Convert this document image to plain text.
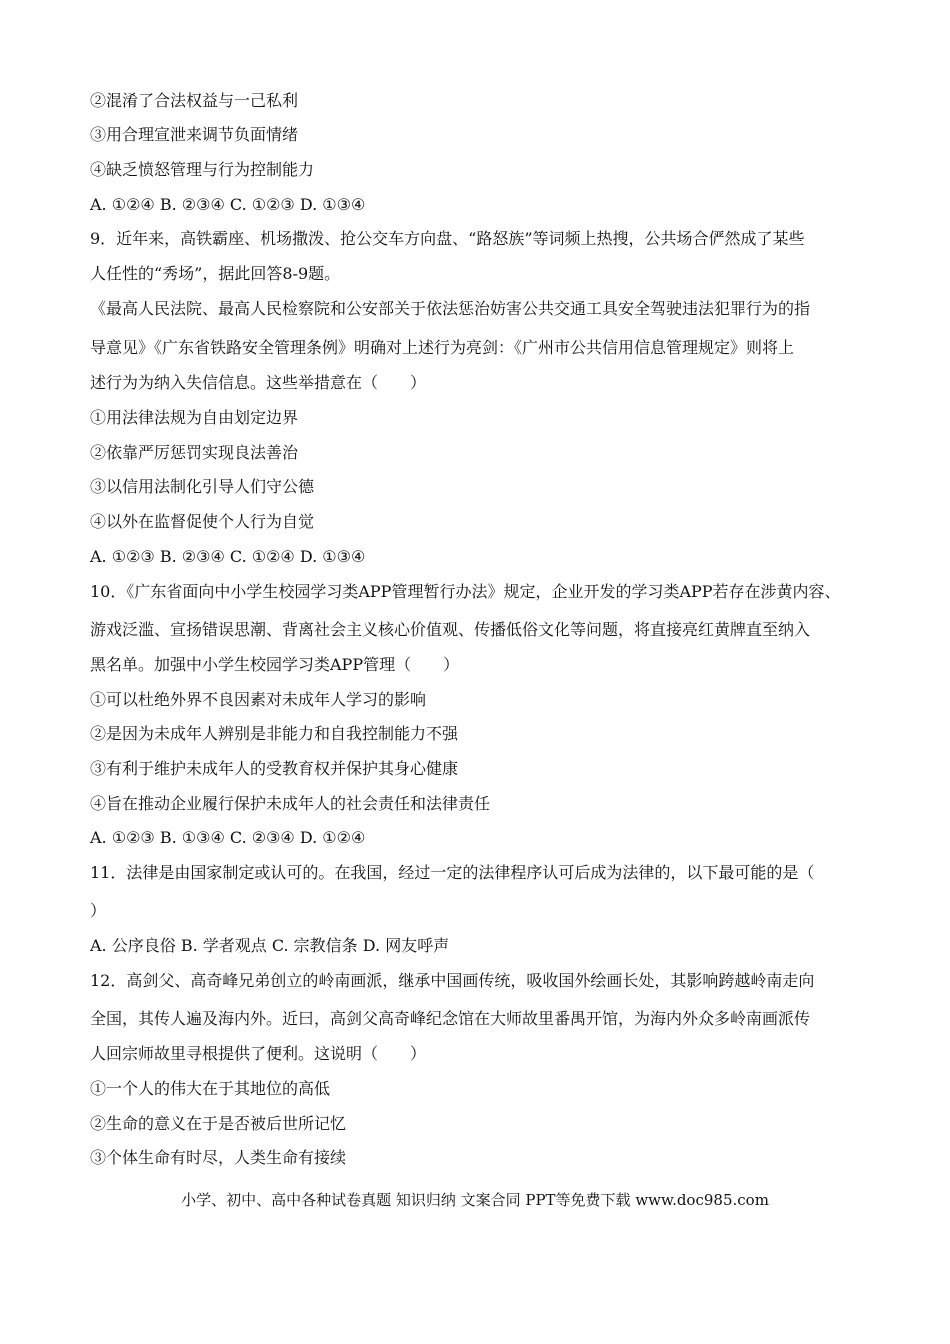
②混淆了合法权益与一己私利
③用合理宣泄来调节负面情绪
④缺乏愤怒管理与行为控制能力
A. ①②④ B. ②③④ C. ①②③ D. ①③④
9．近年来，高铁霸座、机场撒泼、抢公交车方向盘、“路怒族”等词频上热搜，公共场合俨然成了某些
人任性的“秀场”，据此回答8-9题。
《最高人民法院、最高人民检察院和公安部关于依法惩治妨害公共交通工具安全驾驶违法犯罪行为的指
导意见》《广东省铁路安全管理条例》明确对上述行为亮剑：《广州市公共信用信息管理规定》则将上
述行为为纳入失信信息。这些举措意在（　　）
①用法律法规为自由划定边界
②依靠严厉惩罚实现良法善治
③以信用法制化引导人们守公德
④以外在监督促使个人行为自觉
A. ①②③ B. ②③④ C. ①②④ D. ①③④
10．《广东省面向中小学生校园学习类APP管理暂行办法》规定，企业开发的学习类APP若存在涉黄内容、
游戏泛滥、宣扬错误思潮、背离社会主义核心价值观、传播低俗文化等问题，将直接亮红黄牌直至纳入
黑名单。加强中小学生校园学习类APP管理（　　）
①可以杜绝外界不良因素对未成年人学习的影响
②是因为未成年人辨别是非能力和自我控制能力不强
③有利于维护未成年人的受教育权并保护其身心健康
④旨在推动企业履行保护未成年人的社会责任和法律责任
A. ①②③ B. ①③④ C. ②③④ D. ①②④
11．法律是由国家制定或认可的。在我国，经过一定的法律程序认可后成为法律的，以下最可能的是（
）
A. 公序良俗 B. 学者观点 C. 宗教信条 D. 网友呼声
12．高剑父、高奇峰兄弟创立的岭南画派，继承中国画传统，吸收国外绘画长处，其影响跨越岭南走向
全国，其传人遍及海内外。近曰，高剑父高奇峰纪念馆在大师故里番禺开馆，为海内外众多岭南画派传
人回宗师故里寻根提供了便利。这说明（　　）
①一个人的伟大在于其地位的高低
②生命的意义在于是否被后世所记忆
③个体生命有时尽，人类生命有接续
小学、初中、高中各种试卷真题 知识归纳 文案合同 PPT等免费下载 www.doc985.com
